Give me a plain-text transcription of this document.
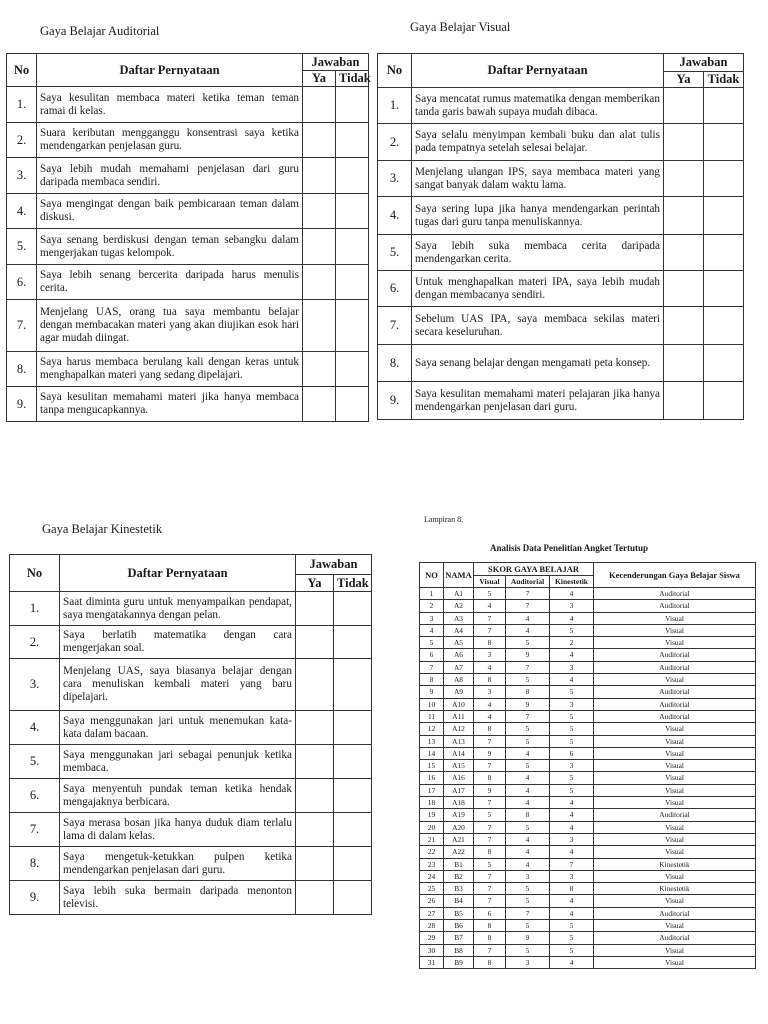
Gaya Belajar Auditorial
No	Daftar Pernyataan	Jawaban	
		Ya	Tidak
1.	Saya kesulitan membaca materi ketika teman teman ramai di kelas.		
2.	Suara keributan mengganggu konsentrasi saya ketika mendengarkan penjelasan guru.		
3.	Saya lebih mudah memahami penjelasan dari guru daripada membaca sendiri.		
4.	Saya mengingat dengan baik pembicaraan teman dalam diskusi.		
5.	Saya senang berdiskusi dengan teman sebangku dalam mengerjakan tugas kelompok.		
6.	Saya lebih senang bercerita daripada harus menulis cerita.		
7.	Menjelang UAS, orang tua saya membantu belajar dengan membacakan materi yang akan diujikan esok hari agar mudah diingat.		
8.	Saya harus membaca berulang kali dengan keras untuk menghapalkan materi yang sedang dipelajari.		
9.	Saya kesulitan memahami materi jika hanya membaca tanpa mengucapkannya.		
Gaya Belajar Visual
No	Daftar Pernyataan	Jawaban	
		Ya	Tidak
1.	Saya mencatat rumus matematika dengan memberikan tanda garis bawah supaya mudah dibaca.		
2.	Saya selalu menyimpan kembali buku dan alat tulis pada tempatnya setelah selesai belajar.		
3.	Menjelang ulangan IPS, saya membaca materi yang sangat banyak dalam waktu lama.		
4.	Saya sering lupa jika hanya mendengarkan perintah tugas dari guru tanpa menuliskannya.		
5.	Saya lebih suka membaca cerita daripada mendengarkan cerita.		
6.	Untuk menghapalkan materi IPA, saya lebih mudah dengan membacanya sendiri.		
7.	Sebelum UAS IPA, saya membaca sekilas materi secara keseluruhan.		
8.	Saya senang belajar dengan mengamati peta konsep.		
9.	Saya kesulitan memahami materi pelajaran jika hanya mendengarkan penjelasan dari guru.		
Gaya Belajar Kinestetik
No	Daftar Pernyataan	Jawaban	
		Ya	Tidak
1.	Saat diminta guru untuk menyampaikan pendapat, saya mengatakannya dengan pelan.		
2.	Saya berlatih matematika dengan cara mengerjakan soal.		
3.	Menjelang UAS, saya biasanya belajar dengan cara menuliskan kembali materi yang baru dipelajari.		
4.	Saya menggunakan jari untuk menemukan kata-kata dalam bacaan.		
5.	Saya menggunakan jari sebagai penunjuk ketika membaca.		
6.	Saya menyentuh pundak teman ketika hendak mengajaknya berbicara.		
7.	Saya merasa bosan jika hanya duduk diam terlalu lama di dalam kelas.		
8.	Saya mengetuk-ketukkan pulpen ketika mendengarkan penjelasan dari guru.		
9.	Saya lebih suka bermain daripada menonton televisi.		
Lampiran 8.
Analisis Data Penelitian Angket Tertutup
NO	NAMA	SKOR GAYA BELAJAR			Kecenderungan Gaya Belajar Siswa
		Visual	Auditorial	Kinestetik	
1	A1	5	7	4	Auditorial
2	A2	4	7	3	Auditorial
3	A3	7	4	4	Visual
4	A4	7	4	5	Visual
5	A5	8	5	2	Visual
6	A6	3	9	4	Auditorial
7	A7	4	7	3	Auditorial
8	A8	8	5	4	Visual
9	A9	3	8	5	Auditorial
10	A10	4	9	3	Auditorial
11	A11	4	7	5	Auditorial
12	A12	8	5	5	Visual
13	A13	7	5	5	Visual
14	A14	9	4	6	Visual
15	A15	7	5	3	Visual
16	A16	8	4	5	Visual
17	A17	9	4	5	Visual
18	A18	7	4	4	Visual
19	A19	5	8	4	Auditorial
20	A20	7	5	4	Visual
21	A21	7	4	3	Visual
22	A22	8	4	4	Visual
23	B1	5	4	7	Kinestetik
24	B2	7	3	3	Visual
25	B3	7	5	8	Kinestetik
26	B4	7	5	4	Visual
27	B5	6	7	4	Auditorial
28	B6	8	5	5	Visual
29	B7	8	9	5	Auditorial
30	B8	7	5	5	Visual
31	B9	8	3	4	Visual
